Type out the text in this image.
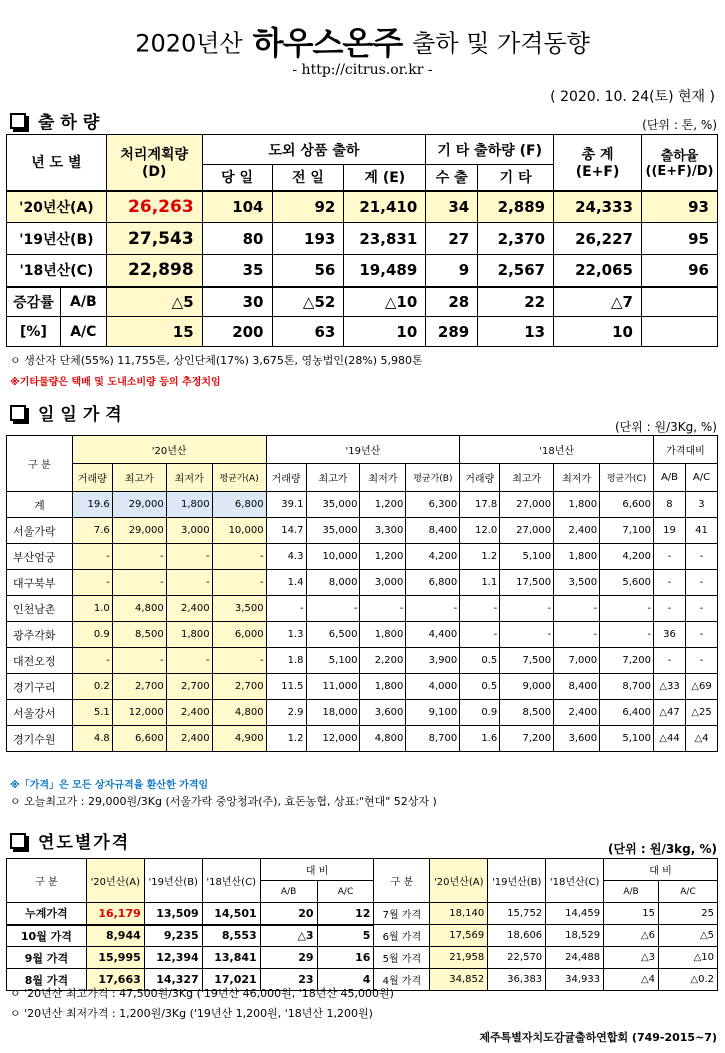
2020년산 하우스온주 출하 및 가격동향
- http://citrus.or.kr -
( 2020. 10. 24(토) 현재 )
출하량	(단위 : 톤, %)
년 도 별		처리계획량
(D)	도외 상품 출하			기 타 출하량 (F)		총 계
(E+F)	출하율
((E+F)/D)
			당 일	전 일	계 (E)	수 출	기 타		
'20년산(A)		26,263	104	92	21,410	34	2,889	24,333	93
'19년산(B)		27,543	80	193	23,831	27	2,370	26,227	95
'18년산(C)		22,898	35	56	19,489	9	2,567	22,065	96
증감률	A/B	△5	30	△52	△10	28	22	△7	
[%]	A/C	15	200	63	10	289	13	10	
ㅇ 생산자 단체(55%) 11,755톤, 상인단체(17%) 3,675톤, 영농법인(28%) 5,980톤
※기타물량은 택배 및 도내소비량 등의 추정치임
일일가격
(단위 : 원/3Kg, %)
구 분	'20년산				'19년산				'18년산				가격대비	
	거래량	최고가	최저가	평균가(A)	거래량	최고가	최저가	평균가(B)	거래량	최고가	최저가	평균가(C)	A/B	A/C
계	19.6	29,000	1,800	6,800	39.1	35,000	1,200	6,300	17.8	27,000	1,800	6,600	8	3
서울가락	7.6	29,000	3,000	10,000	14.7	35,000	3,300	8,400	12.0	27,000	2,400	7,100	19	41
부산엄궁	-	-	-	-	4.3	10,000	1,200	4,200	1.2	5,100	1,800	4,200	-	-
대구북부	-	-	-	-	1.4	8,000	3,000	6,800	1.1	17,500	3,500	5,600	-	-
인천남촌	1.0	4,800	2,400	3,500	-	-	-	-	-	-	-	-	-	-
광주각화	0.9	8,500	1,800	6,000	1.3	6,500	1,800	4,400	-	-	-	-	36	-
대전오정	-	-	-	-	1.8	5,100	2,200	3,900	0.5	7,500	7,000	7,200	-	-
경기구리	0.2	2,700	2,700	2,700	11.5	11,000	1,800	4,000	0.5	9,000	8,400	8,700	△33	△69
서울강서	5.1	12,000	2,400	4,800	2.9	18,000	3,600	9,100	0.9	8,500	2,400	6,400	△47	△25
경기수원	4.8	6,600	2,400	4,900	1.2	12,000	4,800	8,700	1.6	7,200	3,600	5,100	△44	△4
※「가격」은 모든 상자규격을 환산한 가격임
ㅇ 오늘최고가 : 29,000원/3Kg (서울가락 중앙청과(주), 효돈농협, 상표:"현대" 52상자 )
연도별가격	(단위 : 원/3kg, %)
구 분	'20년산(A)	'19년산(B)	'18년산(C)	대 비		구 분	'20년산(A)	'19년산(B)	'18년산(C)	대 비	
				A/B	A/C					A/B	A/C
누계가격	16,179	13,509	14,501	20	12	7월 가격	18,140	15,752	14,459	15	25
10월 가격	8,944	9,235	8,553	△3	5	6월 가격	17,569	18,606	18,529	△6	△5
9월 가격	15,995	12,394	13,841	29	16	5월 가격	21,958	22,570	24,488	△3	△10
8월 가격	17,663	14,327	17,021	23	4	4월 가격	34,852	36,383	34,933	△4	△0.2
ㅇ '20년산 최고가격 : 47,500원/3Kg ('19년산 46,000원, '18년산 45,000원)
ㅇ '20년산 최저가격 : 1,200원/3Kg ('19년산 1,200원, '18년산 1,200원)
제주특별자치도감귤출하연합회 (749-2015~7)
